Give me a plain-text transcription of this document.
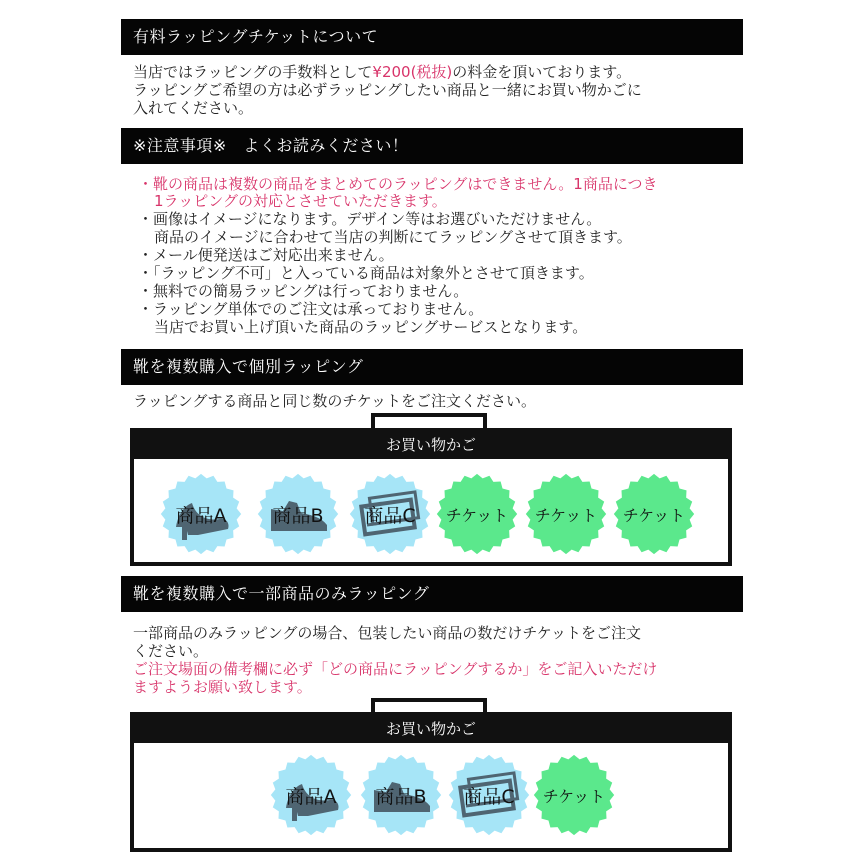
有料ラッピングチケットについて
当店ではラッピングの手数料として¥200(税抜)の料金を頂いております。
ラッピングご希望の方は必ずラッピングしたい商品と一緒にお買い物かごに
入れてください。
※注意事項※　よくお読みください！
・靴の商品は複数の商品をまとめてのラッピングはできません。1商品につき
1ラッピングの対応とさせていただきます。
・画像はイメージになります。デザイン等はお選びいただけません。
商品のイメージに合わせて当店の判断にてラッピングさせて頂きます。
・メール便発送はご対応出来ません。
・「ラッピング不可」と入っている商品は対象外とさせて頂きます。
・無料での簡易ラッピングは行っておりません。
・ラッピング単体でのご注文は承っておりません。
当店でお買い上げ頂いた商品のラッピングサービスとなります。
靴を複数購入で個別ラッピング
ラッピングする商品と同じ数のチケットをご注文ください。
お買い物かご
商品A	商品B	商品C	チケット	チケット	チケット
靴を複数購入で一部商品のみラッピング
一部商品のみラッピングの場合、包装したい商品の数だけチケットをご注文
ください。
ご注文場面の備考欄に必ず「どの商品にラッピングするか」をご記入いただけ
ますようお願い致します。
お買い物かご
商品A	商品B	商品C	チケット
